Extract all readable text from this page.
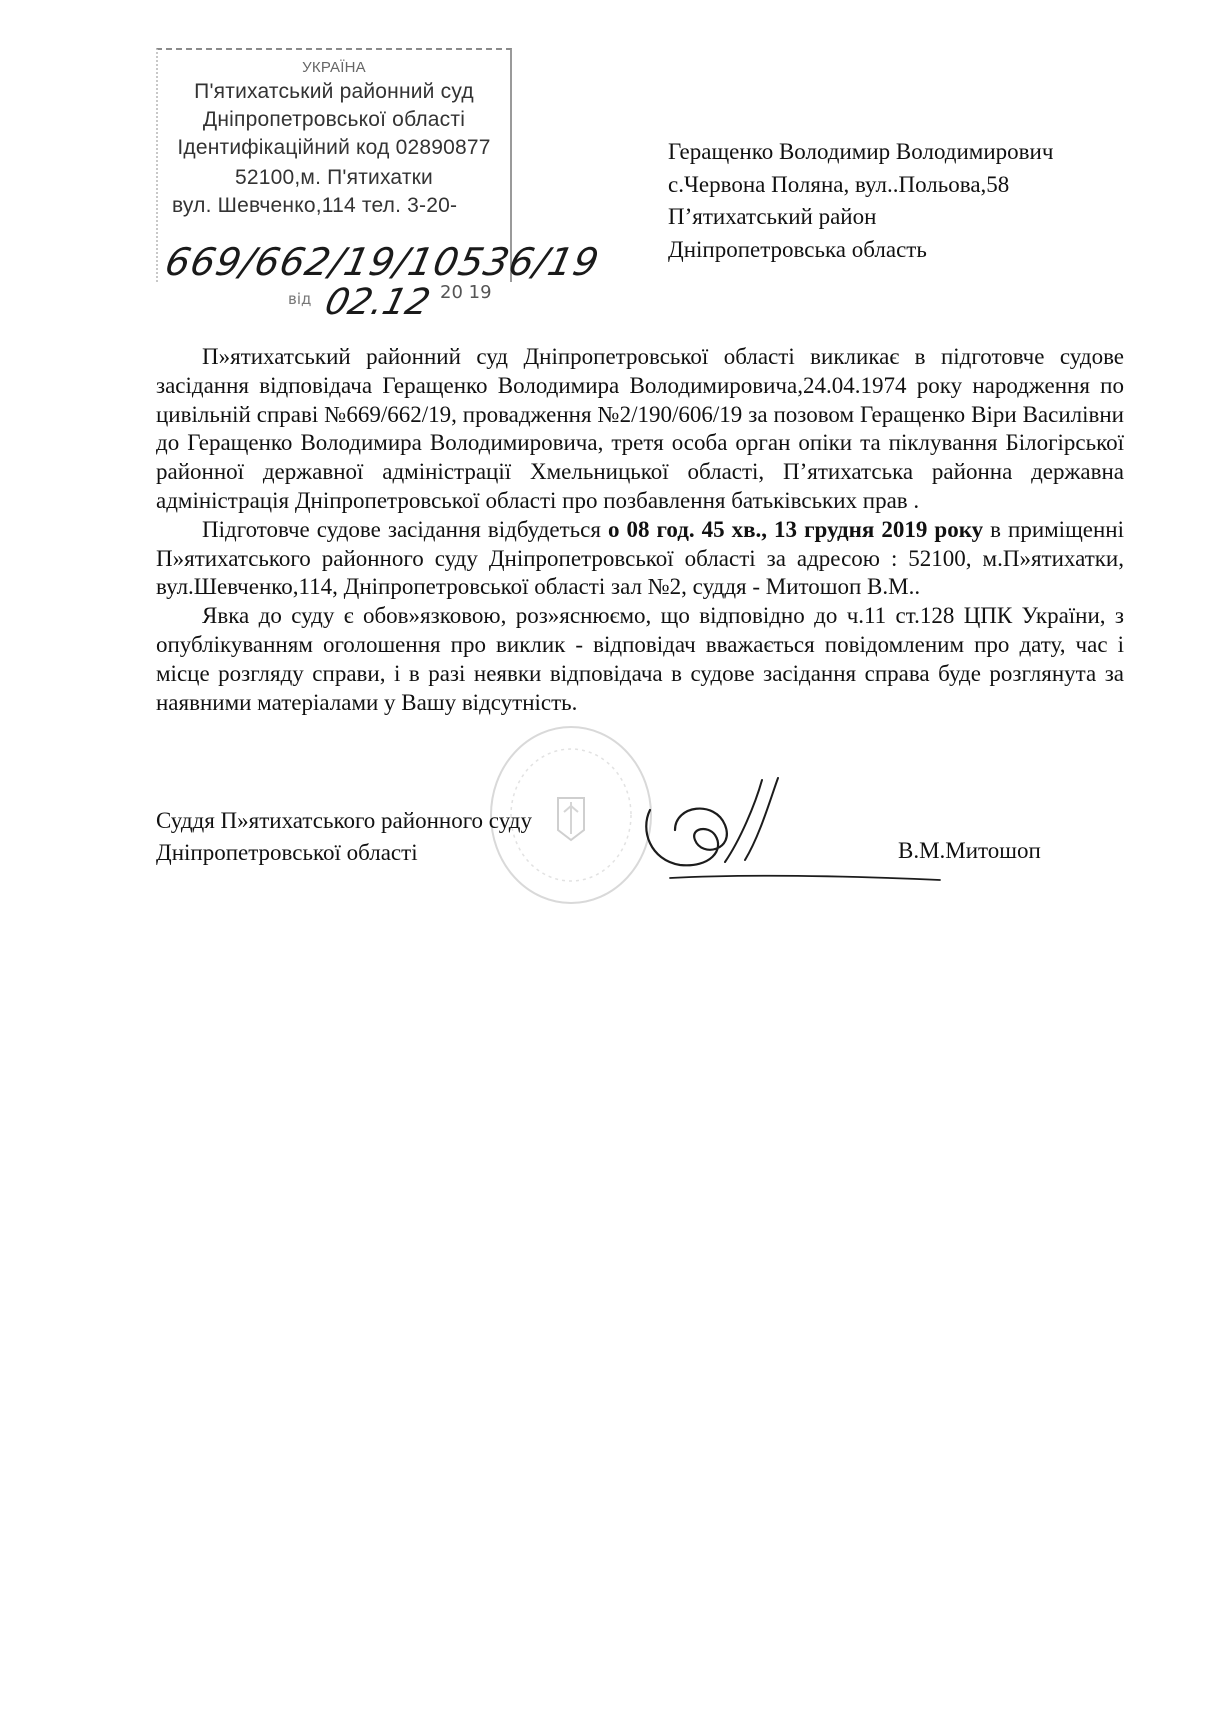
УКРАЇНА
П'ятихатський районний суд
Дніпропетровської області
Ідентифікаційний код 02890877
52100,м. П'ятихатки
вул. Шевченко,114 тел. 3-20-
669/662/19/10536/19
від 02.12 20 19
Геращенко Володимир Володимирович
с.Червона Поляна, вул..Польова,58
П’ятихатський район
Дніпропетровська область

П»ятихатський районний суд Дніпропетровської області викликає в підготовче судове засідання відповідача Геращенко Володимира Володимировича,24.04.1974 року народження по цивільній справі №669/662/19, провадження №2/190/606/19 за позовом Геращенко Віри Василівни до Геращенко Володимира Володимировича, третя особа орган опіки та піклування Білогірської районної державної адміністрації Хмельницької області, П’ятихатська районна державна адміністрація Дніпропетровської області про позбавлення батьківських прав .

Підготовче судове засідання відбудеться о 08 год. 45 хв., 13 грудня 2019 року в приміщенні П»ятихатського районного суду Дніпропетровської області за адресою : 52100, м.П»ятихатки, вул.Шевченко,114, Дніпропетровської області зал №2, суддя - Митошоп В.М..

Явка до суду є обов»язковою, роз»яснюємо, що відповідно до ч.11 ст.128 ЦПК України, з опублікуванням оголошення про виклик - відповідач вважається повідомленим про дату, час і місце розгляду справи, і в разі неявки відповідача в судове засідання справа буде розглянута за наявними матеріалами у Вашу відсутність.

Суддя П»ятихатського районного суду
Дніпропетровської області	В.М.Митошоп
